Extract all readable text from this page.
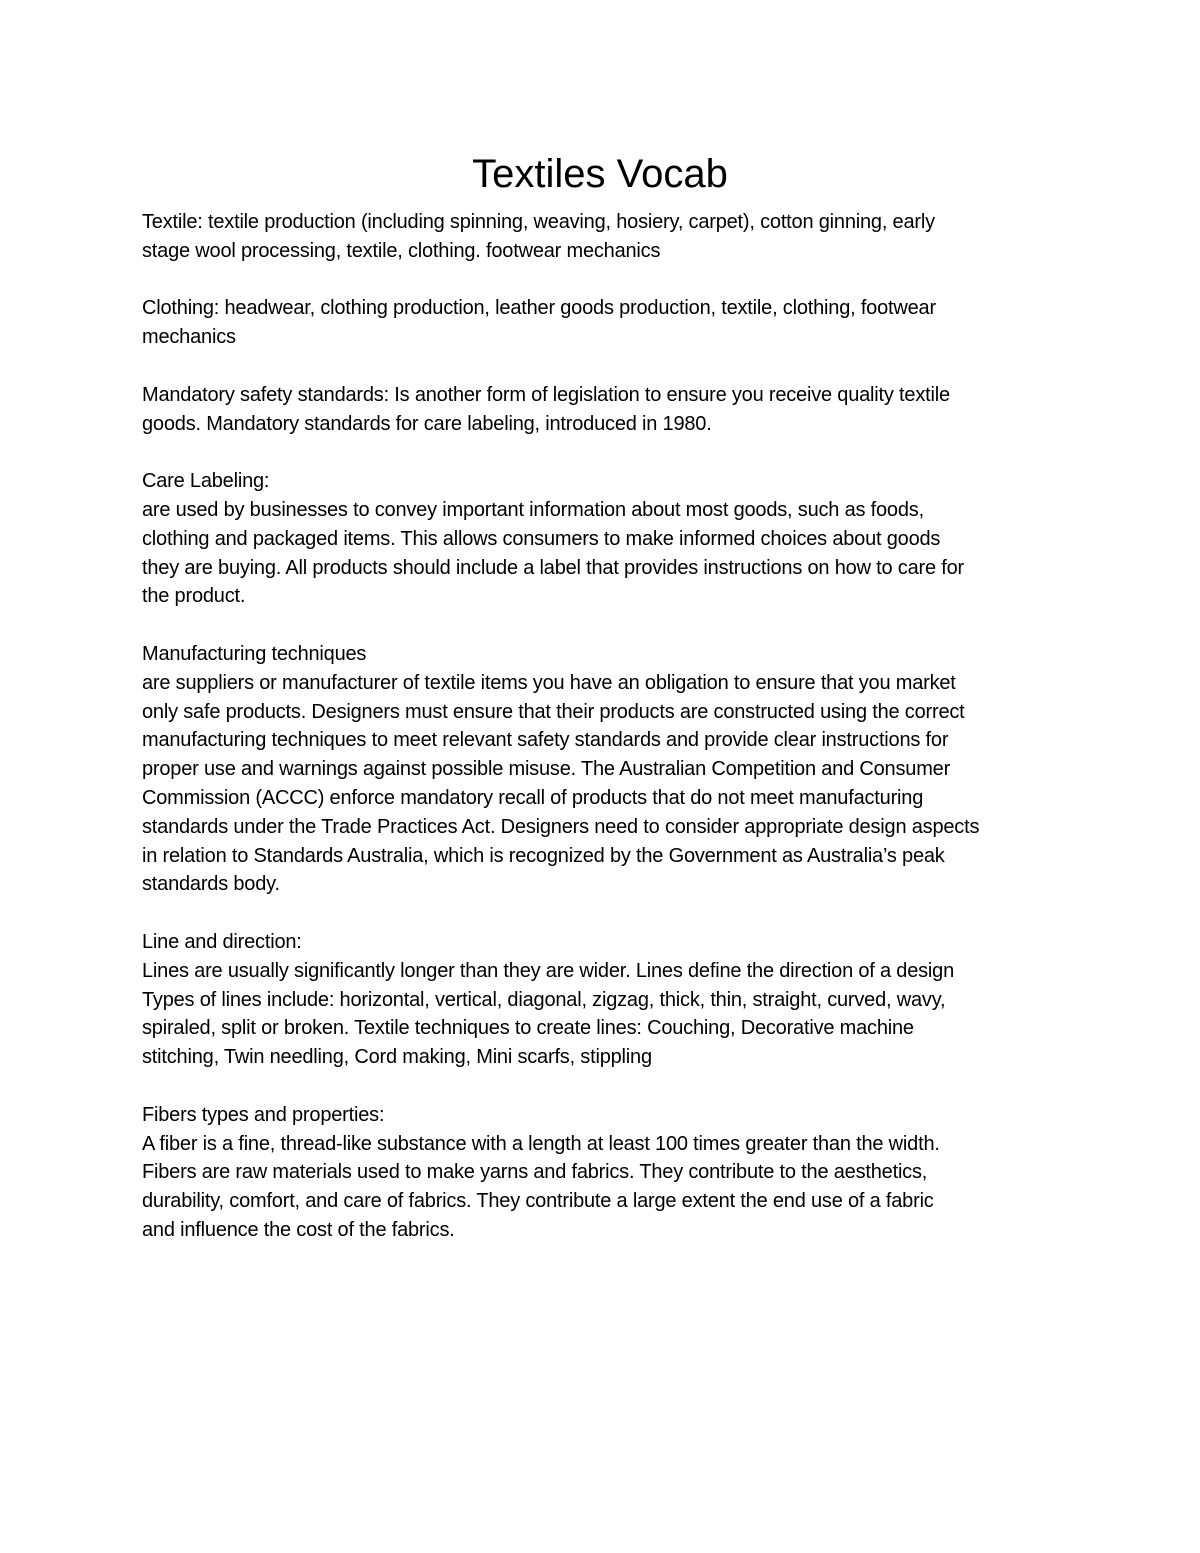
Textiles Vocab
Textile: textile production (including spinning, weaving, hosiery, carpet), cotton ginning, early
stage wool processing, textile, clothing. footwear mechanics
Clothing: headwear, clothing production, leather goods production, textile, clothing, footwear
mechanics
Mandatory safety standards: Is another form of legislation to ensure you receive quality textile
goods. Mandatory standards for care labeling, introduced in 1980.
Care Labeling:
are used by businesses to convey important information about most goods, such as foods,
clothing and packaged items. This allows consumers to make informed choices about goods
they are buying. All products should include a label that provides instructions on how to care for
the product.
Manufacturing techniques
are suppliers or manufacturer of textile items you have an obligation to ensure that you market
only safe products. Designers must ensure that their products are constructed using the correct
manufacturing techniques to meet relevant safety standards and provide clear instructions for
proper use and warnings against possible misuse. The Australian Competition and Consumer
Commission (ACCC) enforce mandatory recall of products that do not meet manufacturing
standards under the Trade Practices Act. Designers need to consider appropriate design aspects
in relation to Standards Australia, which is recognized by the Government as Australia’s peak
standards body.
Line and direction:
Lines are usually significantly longer than they are wider. Lines define the direction of a design
Types of lines include: horizontal, vertical, diagonal, zigzag, thick, thin, straight, curved, wavy,
spiraled, split or broken. Textile techniques to create lines: Couching, Decorative machine
stitching, Twin needling, Cord making, Mini scarfs, stippling
Fibers types and properties:
A fiber is a fine, thread-like substance with a length at least 100 times greater than the width.
Fibers are raw materials used to make yarns and fabrics. They contribute to the aesthetics,
durability, comfort, and care of fabrics. They contribute a large extent the end use of a fabric
and influence the cost of the fabrics.
